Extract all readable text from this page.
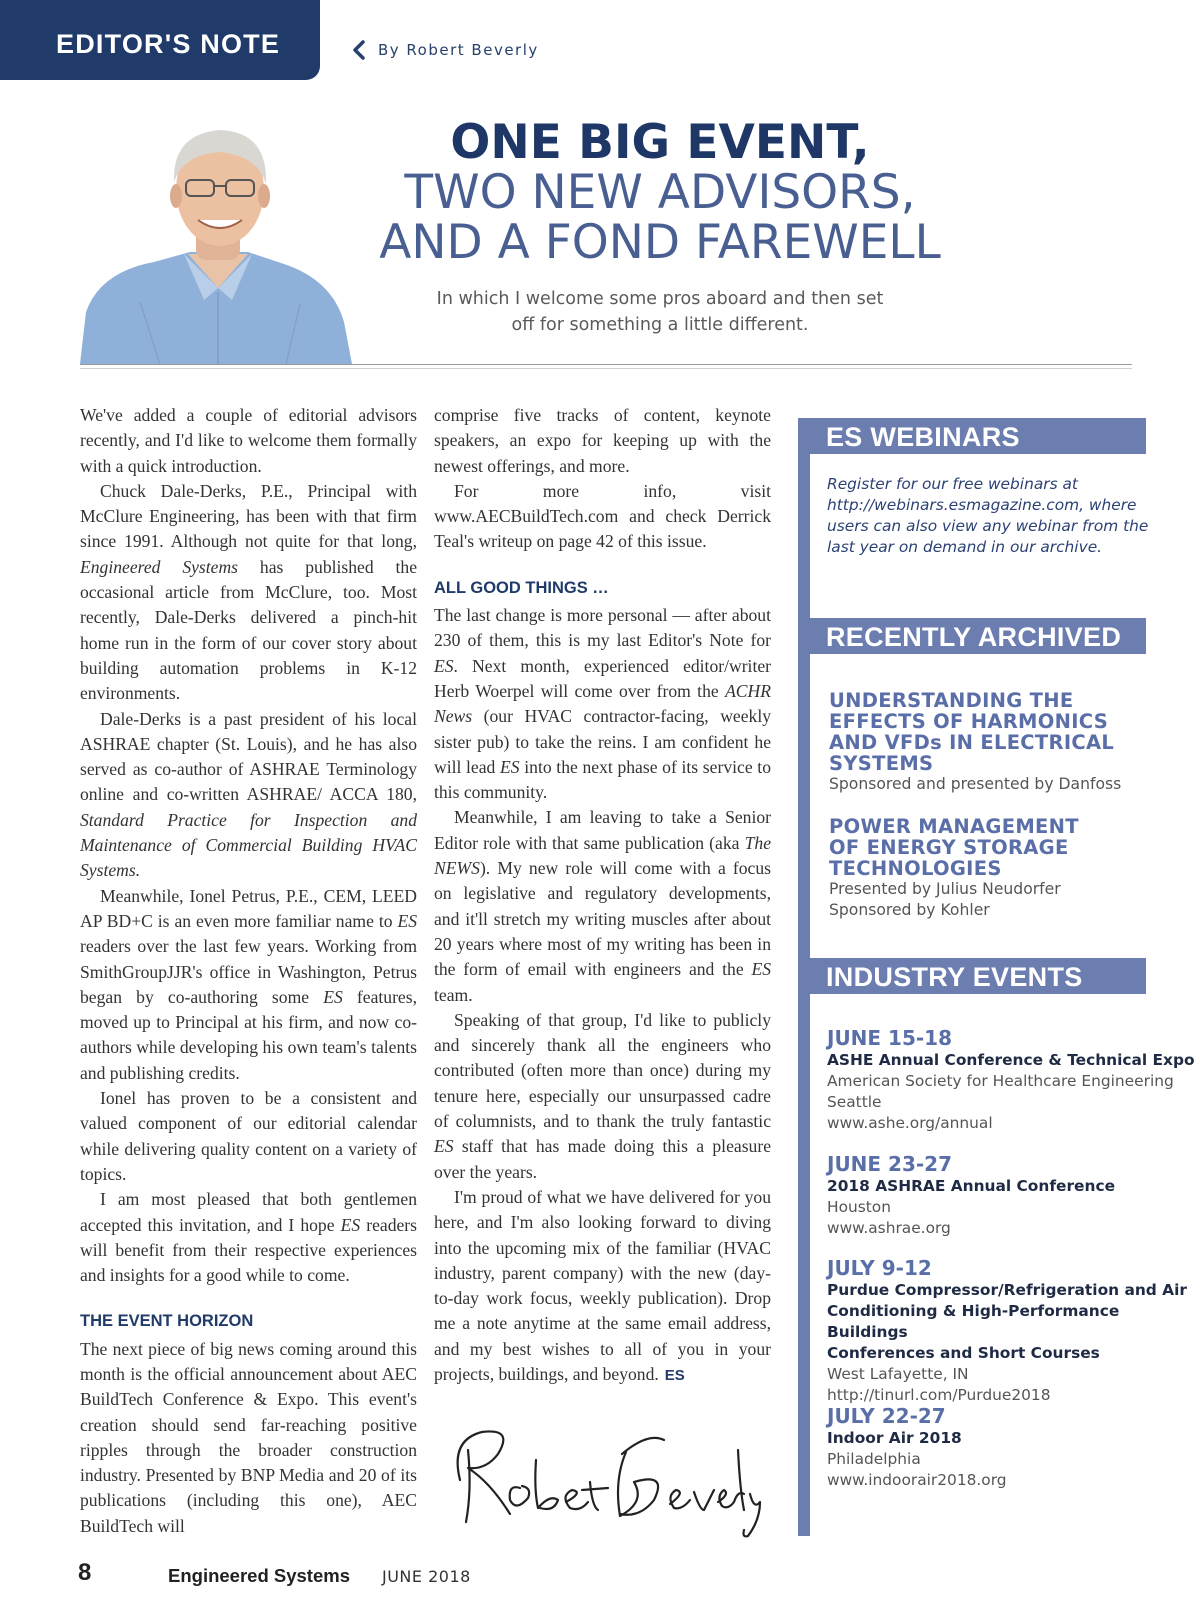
EDITOR'S NOTE	By Robert Beverly
ONE BIG EVENT,
TWO NEW ADVISORS,
AND A FOND FAREWELL
In which I welcome some pros aboard and then set
off for something a little different.

We've added a couple of editorial advisors recently, and I'd like to welcome them formally with a quick introduction.

Chuck Dale-Derks, P.E., Principal with McClure Engineering, has been with that firm since 1991. Although not quite for that long, Engineered Systems has published the occasional article from McClure, too. Most recently, Dale-Derks delivered a pinch-hit home run in the form of our cover story about building automation problems in K-12 environments.

Dale-Derks is a past president of his local ASHRAE chapter (St. Louis), and he has also served as co-author of ASHRAE Terminology online and co-written ASHRAE/ ACCA 180, Standard Practice for Inspection and Maintenance of Commercial Building HVAC Systems.

Meanwhile, Ionel Petrus, P.E., CEM, LEED AP BD+C is an even more familiar name to ES readers over the last few years. Working from SmithGroupJJR's office in Washington, Petrus began by co-authoring some ES features, moved up to Principal at his firm, and now co-authors while developing his own team's talents and publishing credits.

Ionel has proven to be a consistent and valued component of our editorial calendar while delivering quality content on a variety of topics.

I am most pleased that both gentlemen accepted this invitation, and I hope ES readers will benefit from their respective experiences and insights for a good while to come.

THE EVENT HORIZON

The next piece of big news coming around this month is the official announcement about AEC BuildTech Conference & Expo. This event's creation should send far-reaching positive ripples through the broader construction industry. Presented by BNP Media and 20 of its publications (including this one), AEC BuildTech will

comprise five tracks of content, keynote speakers, an expo for keeping up with the newest offerings, and more.

For more info, visit www.AECBuildTech.com and check Derrick Teal's writeup on page 42 of this issue.

ALL GOOD THINGS …

The last change is more personal — after about 230 of them, this is my last Editor's Note for ES. Next month, experienced editor/writer Herb Woerpel will come over from the ACHR News (our HVAC contractor-facing, weekly sister pub) to take the reins. I am confident he will lead ES into the next phase of its service to this community.

Meanwhile, I am leaving to take a Senior Editor role with that same publication (aka The NEWS). My new role will come with a focus on legislative and regulatory developments, and it'll stretch my writing muscles after about 20 years where most of my writing has been in the form of email with engineers and the ES team.

Speaking of that group, I'd like to publicly and sincerely thank all the engineers who contributed (often more than once) during my tenure here, especially our unsurpassed cadre of columnists, and to thank the truly fantastic ES staff that has made doing this a pleasure over the years.

I'm proud of what we have delivered for you here, and I'm also looking forward to diving into the upcoming mix of the familiar (HVAC industry, parent company) with the new (day-to-day work focus, weekly publication). Drop me a note anytime at the same email address, and my best wishes to all of you in your projects, buildings, and beyond. ES

ES WEBINARS
Register for our free webinars at http://webinars.esmagazine.com, where users can also view any webinar from the last year on demand in our archive.
RECENTLY ARCHIVED
UNDERSTANDING THE
EFFECTS OF HARMONICS
AND VFDs IN ELECTRICAL
SYSTEMS
Sponsored and presented by Danfoss
POWER MANAGEMENT
OF ENERGY STORAGE
TECHNOLOGIES
Presented by Julius Neudorfer
Sponsored by Kohler
INDUSTRY EVENTS
JUNE 15-18
ASHE Annual Conference & Technical Expo
American Society for Healthcare Engineering
Seattle
www.ashe.org/annual
JUNE 23-27
2018 ASHRAE Annual Conference
Houston
www.ashrae.org
JULY 9-12
Purdue Compressor/Refrigeration and Air
Conditioning & High-Performance Buildings
Conferences and Short Courses
West Lafayette, IN
http://tinurl.com/Purdue2018
JULY 22-27
Indoor Air 2018
Philadelphia
www.indoorair2018.org
8	Engineered Systems JUNE 2018
